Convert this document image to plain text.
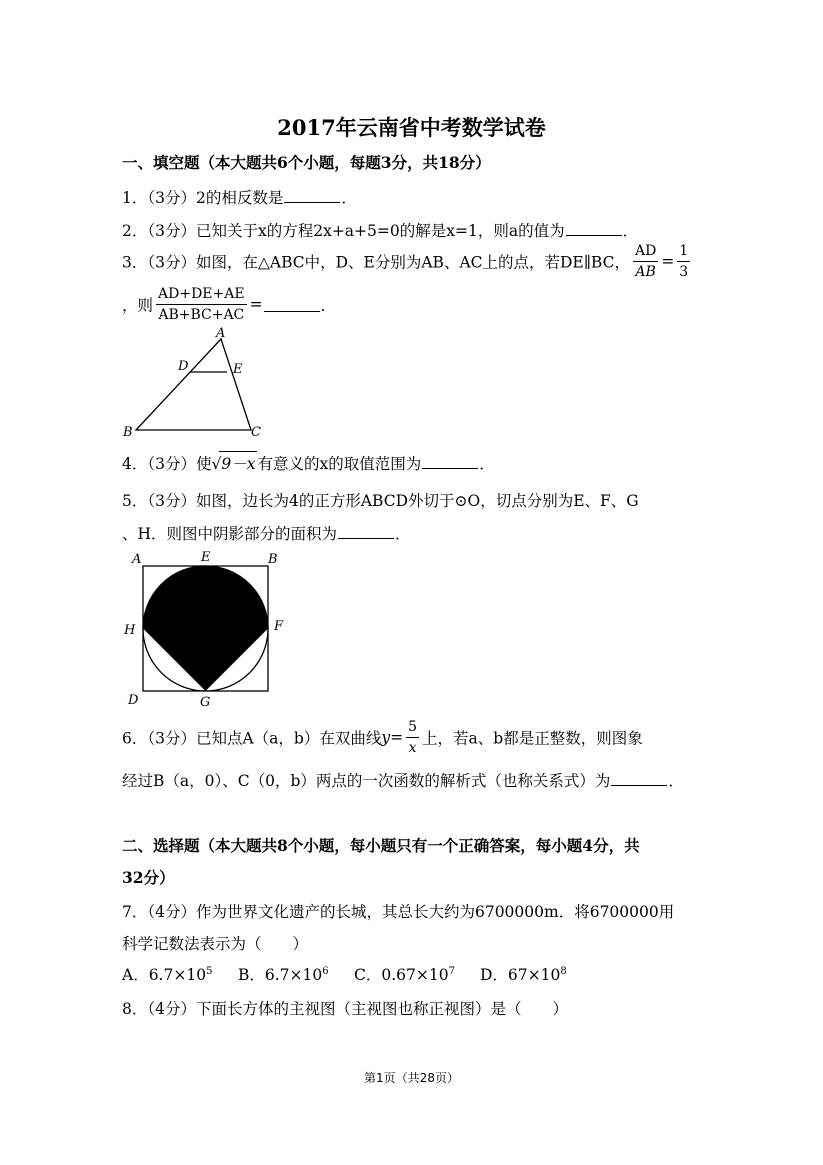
2017年云南省中考数学试卷
一、填空题（本大题共6个小题，每题3分，共18分）
1．（3分）2的相反数是	．
2．（3分）已知关于x的方程2x+a+5=0的解是x=1，则a的值为	．
3．（3分）如图，在△ABC中，D、E分别为AB、AC上的点，若DE∥BC， $\frac{AD}{AB} = \frac{1}{3}$
，则 $\frac{AD+DE+AE}{AB+BC+AC}$ =	．
A
D	E
B	C
4．（3分）使√9－x 有意义的x的取值范围为	．
5．（3分）如图，边长为4的正方形ABCD外切于⊙O，切点分别为E、F、G
、H．则图中阴影部分的面积为	．
A	E	B
H	F
D	G
6．（3分）已知点A（a，b）在双曲线$y= \frac{5}{x}$ 上，若a、b都是正整数，则图象
经过B（a，0）、C（0，b）两点的一次函数的解析式（也称关系式）为	．
二、选择题（本大题共8个小题，每小题只有一个正确答案，每小题4分，共
32分）
7．（4分）作为世界文化遗产的长城，其总长大约为6700000m．将6700000用
科学记数法表示为（　　）
A．$6.7\times 10^5$ B．$6.7\times 10^6$ C．$0.67\times 10^7$ D．$67\times 10^8$
8．（4分）下面长方体的主视图（主视图也称正视图）是（　　）
第1页（共28页）
